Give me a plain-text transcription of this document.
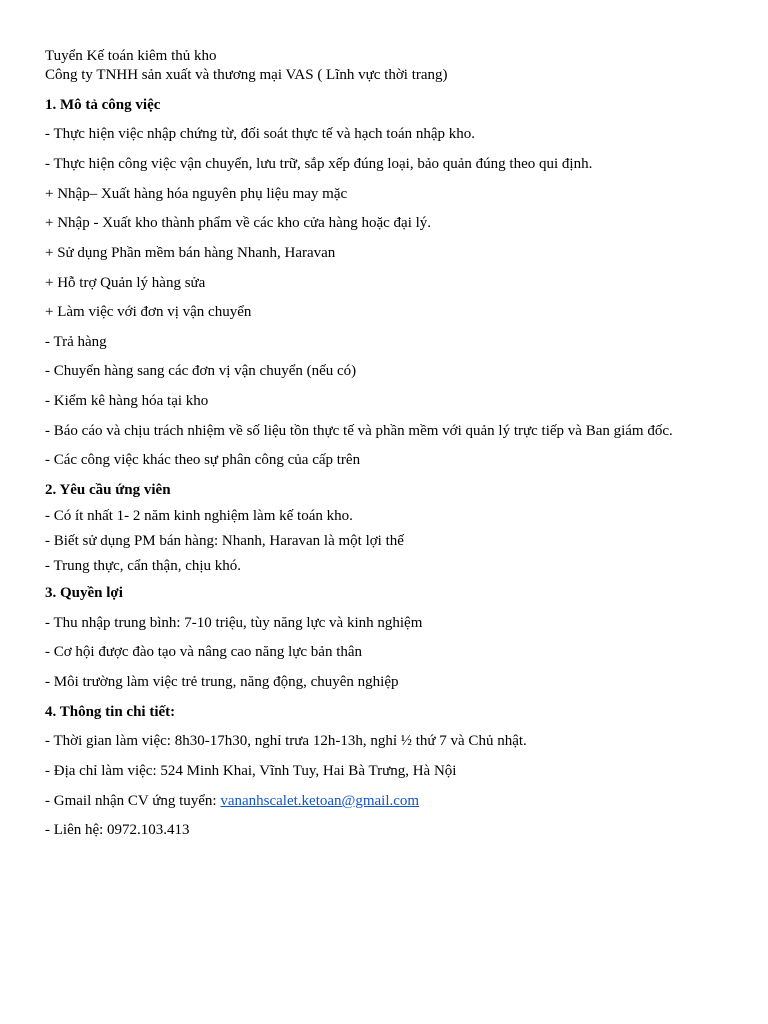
Tuyển Kế toán kiêm thủ kho
Công ty TNHH sản xuất và thương mại VAS ( Lĩnh vực thời trang)
1. Mô tả công việc
- Thực hiện việc nhập chứng từ, đối soát thực tế và hạch toán nhập kho.
- Thực hiện công việc vận chuyển, lưu trữ, sắp xếp đúng loại, bảo quản đúng theo qui định.
+ Nhập– Xuất hàng hóa nguyên phụ liệu may mặc
+ Nhập - Xuất kho thành phẩm về các kho cửa hàng hoặc đại lý.
+ Sử dụng Phần mềm bán hàng Nhanh, Haravan
+ Hỗ trợ Quản lý hàng sửa
+ Làm việc với đơn vị vận chuyển
- Trả hàng
- Chuyển hàng sang các đơn vị vận chuyển (nếu có)
- Kiểm kê hàng hóa tại kho
- Báo cáo và chịu trách nhiệm về số liệu tồn thực tế và phần mềm với quản lý trực tiếp và Ban giám đốc.
- Các công việc khác theo sự phân công của cấp trên
2. Yêu cầu ứng viên
- Có ít nhất 1- 2 năm kinh nghiệm làm kế toán kho.
- Biết sử dụng PM bán hàng: Nhanh, Haravan là một lợi thế
- Trung thực, cẩn thận, chịu khó.
3. Quyền lợi
- Thu nhập trung bình: 7-10 triệu, tùy năng lực và kinh nghiệm
- Cơ hội được đào tạo và nâng cao năng lực bản thân
- Môi trường làm việc trẻ trung, năng động, chuyên nghiệp
4. Thông tin chi tiết:
- Thời gian làm việc: 8h30-17h30, nghỉ trưa 12h-13h, nghỉ ½ thứ 7 và Chủ nhật.
- Địa chỉ làm việc: 524 Minh Khai, Vĩnh Tuy, Hai Bà Trưng, Hà Nội
- Gmail nhận CV ứng tuyển: vananhscalet.ketoan@gmail.com
- Liên hệ: 0972.103.413
